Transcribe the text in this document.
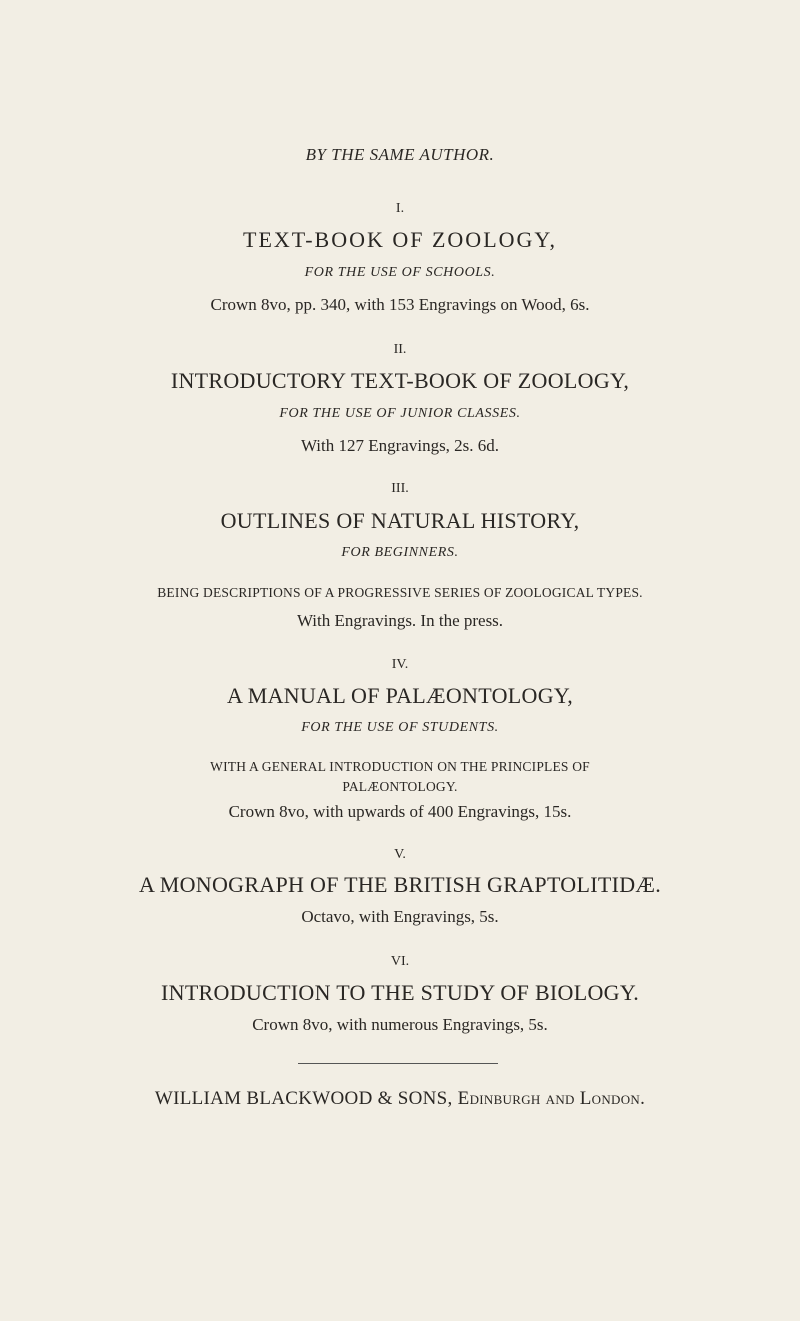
BY THE SAME AUTHOR.
I.
TEXT-BOOK OF ZOOLOGY,
FOR THE USE OF SCHOOLS.
Crown 8vo, pp. 340, with 153 Engravings on Wood, 6s.
II.
INTRODUCTORY TEXT-BOOK OF ZOOLOGY,
FOR THE USE OF JUNIOR CLASSES.
With 127 Engravings, 2s. 6d.
III.
OUTLINES OF NATURAL HISTORY,
FOR BEGINNERS.
BEING DESCRIPTIONS OF A PROGRESSIVE SERIES OF ZOOLOGICAL TYPES.
With Engravings. In the press.
IV.
A MANUAL OF PALÆONTOLOGY,
FOR THE USE OF STUDENTS.
WITH A GENERAL INTRODUCTION ON THE PRINCIPLES OF
PALÆONTOLOGY.
Crown 8vo, with upwards of 400 Engravings, 15s.
V.
A MONOGRAPH OF THE BRITISH GRAPTOLITIDÆ.
Octavo, with Engravings, 5s.
VI.
INTRODUCTION TO THE STUDY OF BIOLOGY.
Crown 8vo, with numerous Engravings, 5s.
WILLIAM BLACKWOOD & SONS, Edinburgh and London.
